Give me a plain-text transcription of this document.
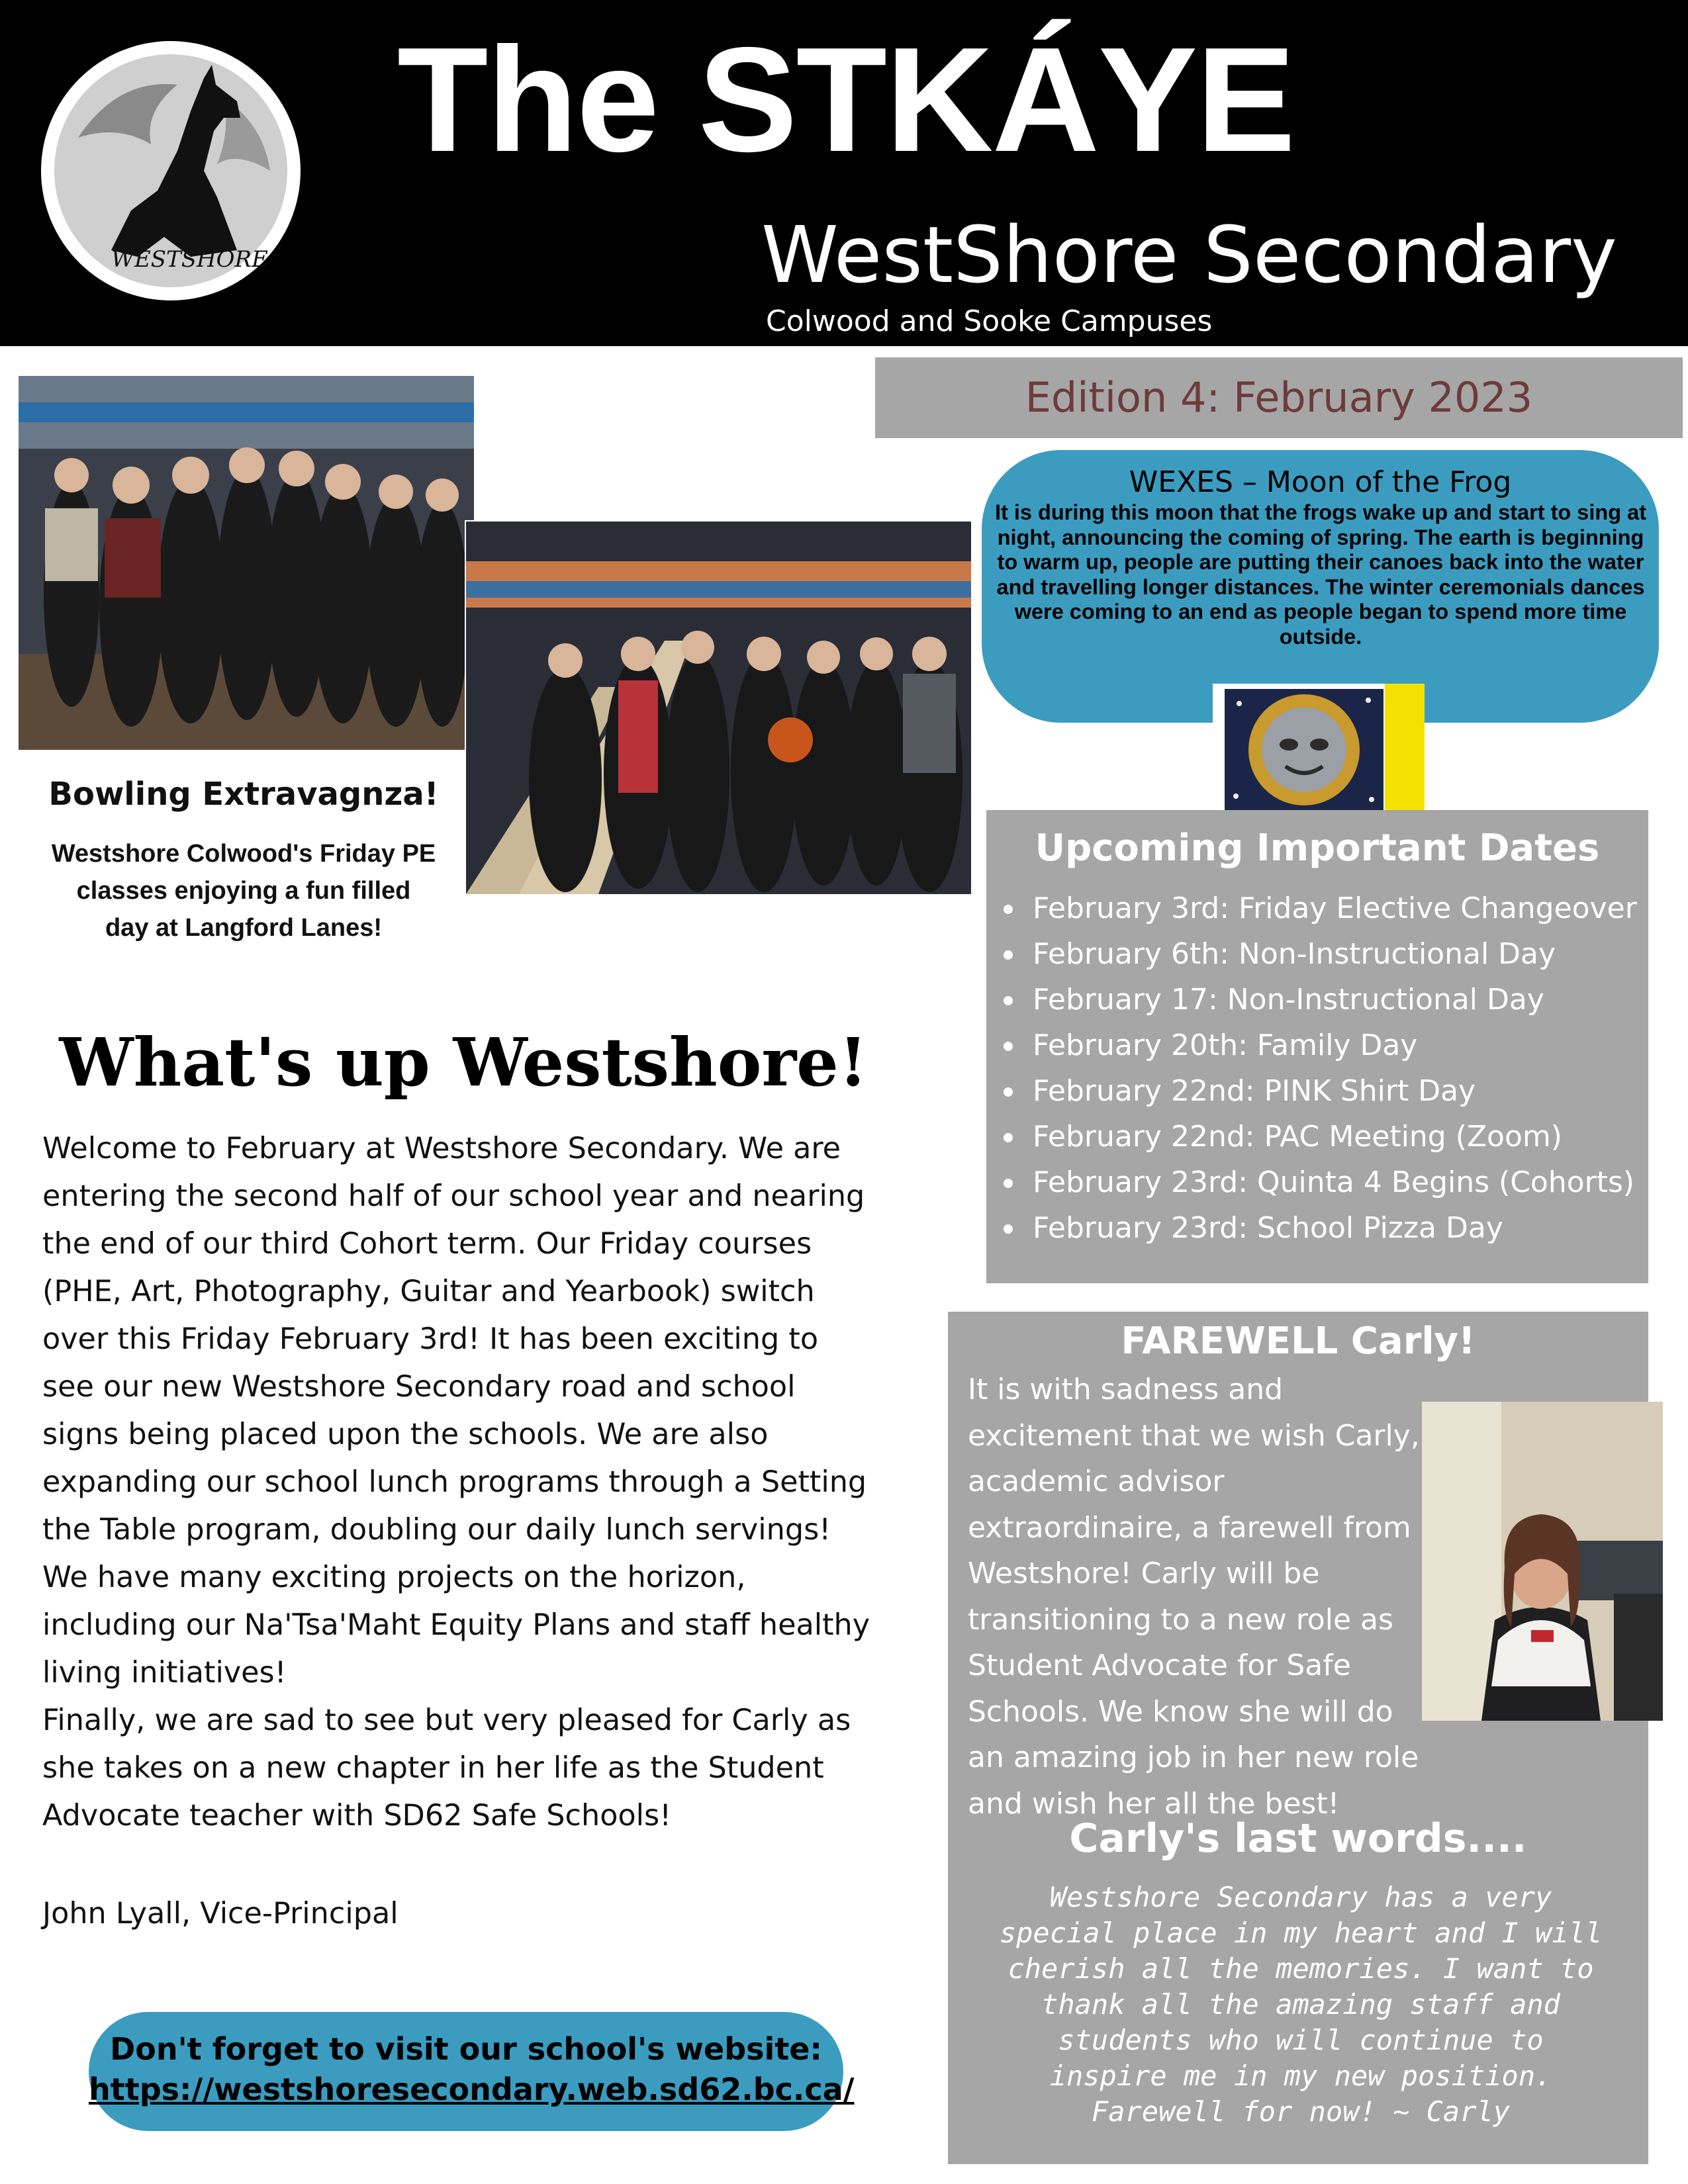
WESTSHORE
The STKÁYE
WestShore Secondary
Colwood and Sooke Campuses
Bowling Extravagnza!
Westshore Colwood's Friday PE
classes enjoying a fun filled
day at Langford Lanes!
Edition 4: February 2023
WEXES – Moon of the Frog
It is during this moon that the frogs wake up and start to sing at night, announcing the coming of spring. The earth is beginning to warm up, people are putting their canoes back into the water and travelling longer distances. The winter ceremonials dances were coming to an end as people began to spend more time outside.
Upcoming Important Dates
February 3rd: Friday Elective Changeover
February 6th: Non-Instructional Day
February 17: Non-Instructional Day
February 20th: Family Day
February 22nd: PINK Shirt Day
February 22nd: PAC Meeting (Zoom)
February 23rd: Quinta 4 Begins (Cohorts)
February 23rd: School Pizza Day
What's up Westshore!

Welcome to February at Westshore Secondary. We are entering the second half of our school year and nearing the end of our third Cohort term. Our Friday courses (PHE, Art, Photography, Guitar and Yearbook) switch over this Friday February 3rd! It has been exciting to see our new Westshore Secondary road and school signs being placed upon the schools. We are also expanding our school lunch programs through a Setting the Table program, doubling our daily lunch servings!

We have many exciting projects on the horizon, including our Na'Tsa'Maht Equity Plans and staff healthy living initiatives!

Finally, we are sad to see but very pleased for Carly as she takes on a new chapter in her life as the Student Advocate teacher with SD62 Safe Schools!

John Lyall, Vice-Principal
Don't forget to visit our school's website:
https://westshoresecondary.web.sd62.bc.ca/
FAREWELL Carly!
It is with sadness and excitement that we wish Carly, academic advisor extraordinaire, a farewell from Westshore! Carly will be transitioning to a new role as Student Advocate for Safe Schools. We know she will do an amazing job in her new role and wish her all the best!
Carly's last words....
Westshore Secondary has a very special place in my heart and I will cherish all the memories. I want to thank all the amazing staff and students who will continue to inspire me in my new position. Farewell for now! ~ Carly
